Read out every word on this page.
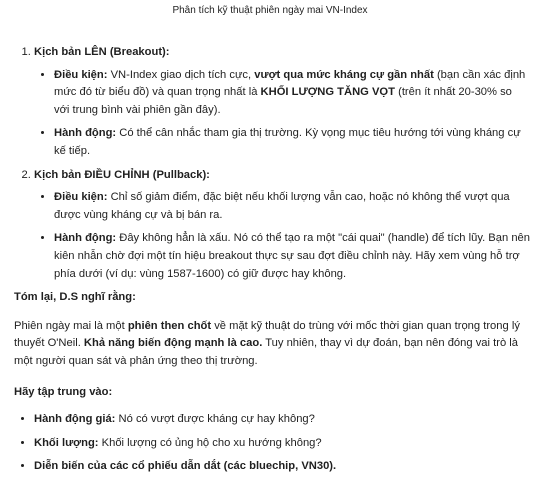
Phân tích kỹ thuật phiên ngày mai VN-Index
1. Kịch bản LÊN (Breakout):
• Điều kiện: VN-Index giao dịch tích cực, vượt qua mức kháng cự gần nhất (bạn cần xác định mức đó từ biểu đồ) và quan trọng nhất là KHỐI LƯỢNG TĂNG VỌT (trên ít nhất 20-30% so với trung bình vài phiên gần đây).
• Hành động: Có thể cân nhắc tham gia thị trường. Kỳ vọng mục tiêu hướng tới vùng kháng cự kế tiếp.
2. Kịch bản ĐIỀU CHỈNH (Pullback):
• Điều kiện: Chỉ số giảm điểm, đặc biệt nếu khối lượng vẫn cao, hoặc nó không thể vượt qua được vùng kháng cự và bị bán ra.
• Hành động: Đây không hẳn là xấu. Nó có thể tạo ra một "cái quai" (handle) để tích lũy. Bạn nên kiên nhẫn chờ đợi một tín hiệu breakout thực sự sau đợt điều chỉnh này. Hãy xem vùng hỗ trợ phía dưới (ví dụ: vùng 1587-1600) có giữ được hay không.

Tóm lại, D.S nghĩ rằng:

Phiên ngày mai là một phiên then chốt về mặt kỹ thuật do trùng với mốc thời gian quan trọng trong lý thuyết O'Neil. Khả năng biến động mạnh là cao. Tuy nhiên, thay vì dự đoán, bạn nên đóng vai trò là một người quan sát và phản ứng theo thị trường.

Hãy tập trung vào:

• Hành động giá: Nó có vượt được kháng cự hay không?
• Khối lượng: Khối lượng có ủng hộ cho xu hướng không?
• Diễn biến của các cổ phiếu dẫn dắt (các bluechip, VN30).
